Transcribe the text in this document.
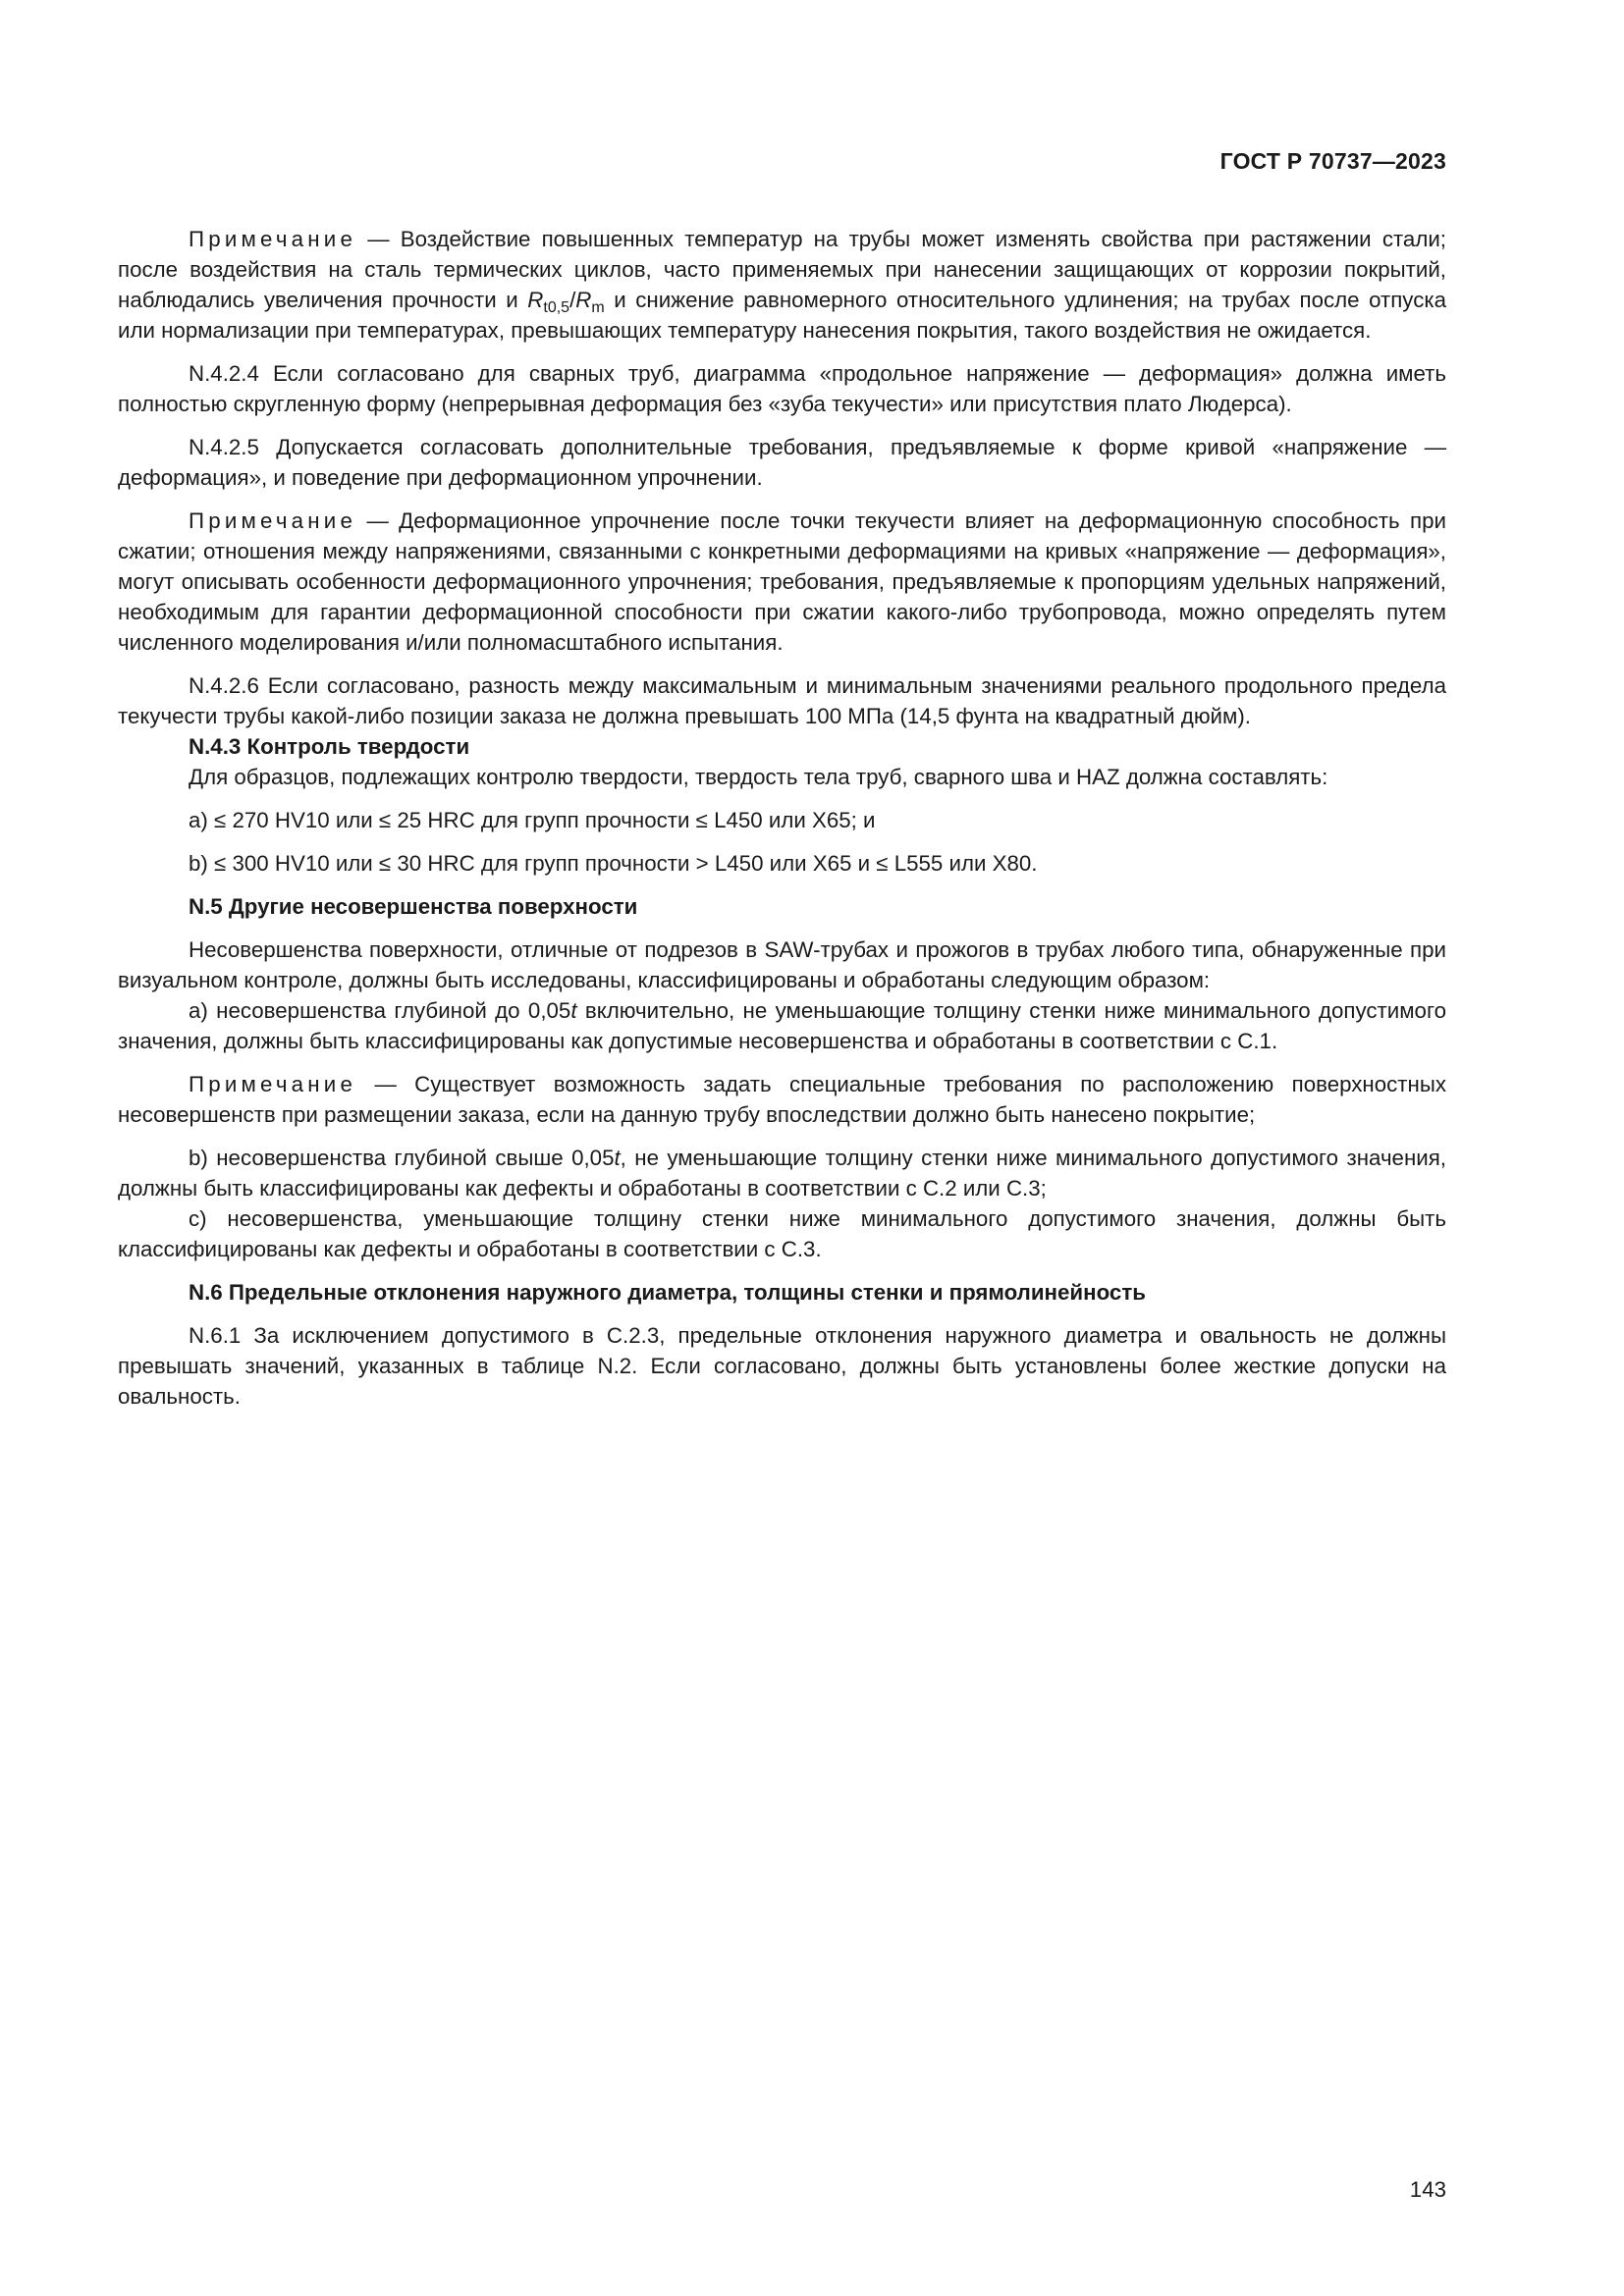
ГОСТ Р 70737—2023

Примечание — Воздействие повышенных температур на трубы может изменять свойства при растяжении стали; после воздействия на сталь термических циклов, часто применяемых при нанесении защищающих от коррозии покрытий, наблюдались увеличения прочности и $R_{t0,5}/R_m$ и снижение равномерного относительного удлинения; на трубах после отпуска или нормализации при температурах, превышающих температуру нанесения покрытия, такого воздействия не ожидается.

N.4.2.4 Если согласовано для сварных труб, диаграмма «продольное напряжение — деформация» должна иметь полностью скругленную форму (непрерывная деформация без «зуба текучести» или присутствия плато Людерса).

N.4.2.5 Допускается согласовать дополнительные требования, предъявляемые к форме кривой «напряжение — деформация», и поведение при деформационном упрочнении.

Примечание — Деформационное упрочнение после точки текучести влияет на деформационную способность при сжатии; отношения между напряжениями, связанными с конкретными деформациями на кривых «напряжение — деформация», могут описывать особенности деформационного упрочнения; требования, предъявляемые к пропорциям удельных напряжений, необходимым для гарантии деформационной способности при сжатии какого-либо трубопровода, можно определять путем численного моделирования и/или полномасштабного испытания.

N.4.2.6 Если согласовано, разность между максимальным и минимальным значениями реального продольного предела текучести трубы какой-либо позиции заказа не должна превышать 100 МПа (14,5 фунта на квадратный дюйм).

N.4.3 Контроль твердости

Для образцов, подлежащих контролю твердости, твердость тела труб, сварного шва и HAZ должна составлять:

a) ≤ 270 HV10 или ≤ 25 HRC для групп прочности ≤ L450 или X65; и

b) ≤ 300 HV10 или ≤ 30 HRC для групп прочности > L450 или X65 и ≤ L555 или X80.

N.5 Другие несовершенства поверхности

Несовершенства поверхности, отличные от подрезов в SAW-трубах и прожогов в трубах любого типа, обнаруженные при визуальном контроле, должны быть исследованы, классифицированы и обработаны следующим образом:

a) несовершенства глубиной до 0,05t включительно, не уменьшающие толщину стенки ниже минимального допустимого значения, должны быть классифицированы как допустимые несовершенства и обработаны в соответствии с C.1.

Примечание — Существует возможность задать специальные требования по расположению поверхностных несовершенств при размещении заказа, если на данную трубу впоследствии должно быть нанесено покрытие;

b) несовершенства глубиной свыше 0,05t, не уменьшающие толщину стенки ниже минимального допустимого значения, должны быть классифицированы как дефекты и обработаны в соответствии с C.2 или C.3;

c) несовершенства, уменьшающие толщину стенки ниже минимального допустимого значения, должны быть классифицированы как дефекты и обработаны в соответствии с C.3.

N.6 Предельные отклонения наружного диаметра, толщины стенки и прямолинейность

N.6.1 За исключением допустимого в C.2.3, предельные отклонения наружного диаметра и овальность не должны превышать значений, указанных в таблице N.2. Если согласовано, должны быть установлены более жесткие допуски на овальность.

143
